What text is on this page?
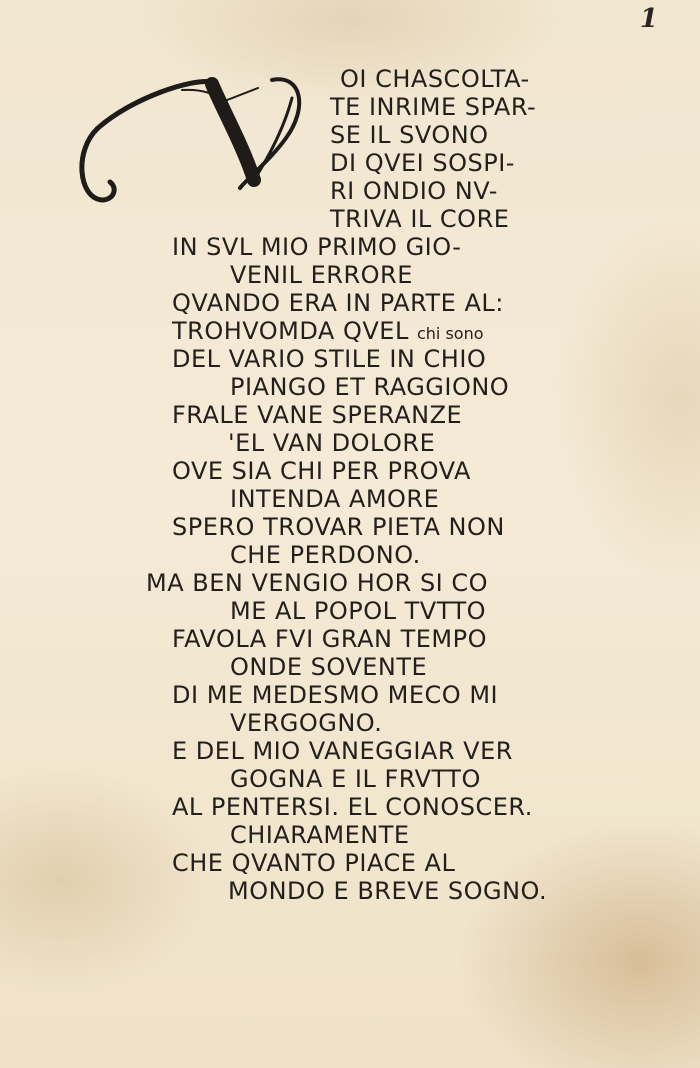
1
OI CHASCOLTA-
TE INRIME SPAR-
SE IL SVONO
DI QVEI SOSPI-
RI ONDIO NV-
TRIVA IL CORE
IN SVL MIO PRIMO GIO-
VENIL ERRORE
QVANDO ERA IN PARTE AL:
TROHVOMDA QVEL chi sono
DEL VARIO STILE IN CHIO
PIANGO ET RAGGIONO
FRALE VANE SPERANZE
'EL VAN DOLORE
OVE SIA CHI PER PROVA
INTENDA AMORE
SPERO TROVAR PIETA NON
CHE PERDONO.
MA BEN VENGIO HOR SI CO
ME AL POPOL TVTTO
FAVOLA FVI GRAN TEMPO
ONDE SOVENTE
DI ME MEDESMO MECO MI
VERGOGNO.
E DEL MIO VANEGGIAR VER
GOGNA E IL FRVTTO
AL PENTERSI. EL CONOSCER.
CHIARAMENTE
CHE QVANTO PIACE AL
MONDO E BREVE SOGNO.
